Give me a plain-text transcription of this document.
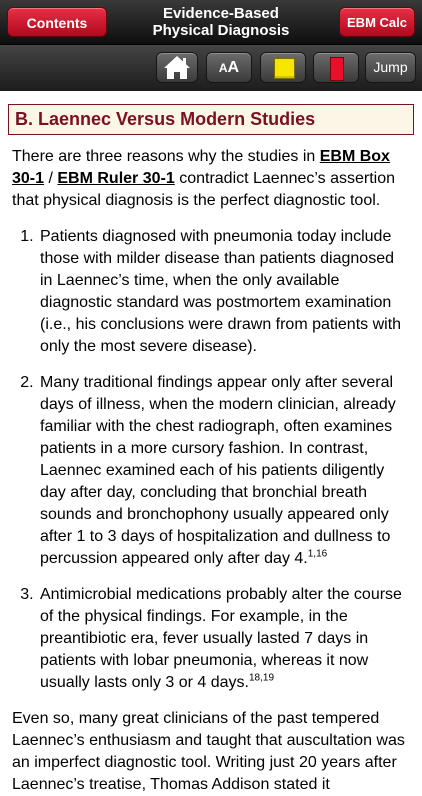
Contents
Evidence-Based
Physical Diagnosis	EBM Calc
AA	Jump
B. Laennec Versus Modern Studies

There are three reasons why the studies in EBM Box 30-1 / EBM Ruler 30-1 contradict Laennec’s assertion that physical diagnosis is the perfect diagnostic tool.

1. Patients diagnosed with pneumonia today include those with milder disease than patients diagnosed in Laennec’s time, when the only available diagnostic standard was postmortem examination (i.e., his conclusions were drawn from patients with only the most severe disease).
2. Many traditional findings appear only after several days of illness, when the modern clinician, already familiar with the chest radiograph, often examines patients in a more cursory fashion. In contrast, Laennec examined each of his patients diligently day after day, concluding that bronchial breath sounds and bronchophony usually appeared only after 1 to 3 days of hospitalization and dullness to percussion appeared only after day 4.$^{1,16}$
3. Antimicrobial medications probably alter the course of the physical findings. For example, in the preantibiotic era, fever usually lasted 7 days in patients with lobar pneumonia, whereas it now usually lasts only 3 or 4 days.$^{18,19}$

Even so, many great clinicians of the past tempered Laennec’s enthusiasm and taught that auscultation was an imperfect diagnostic tool. Writing just 20 years after Laennec’s treatise, Thomas Addison stated it
